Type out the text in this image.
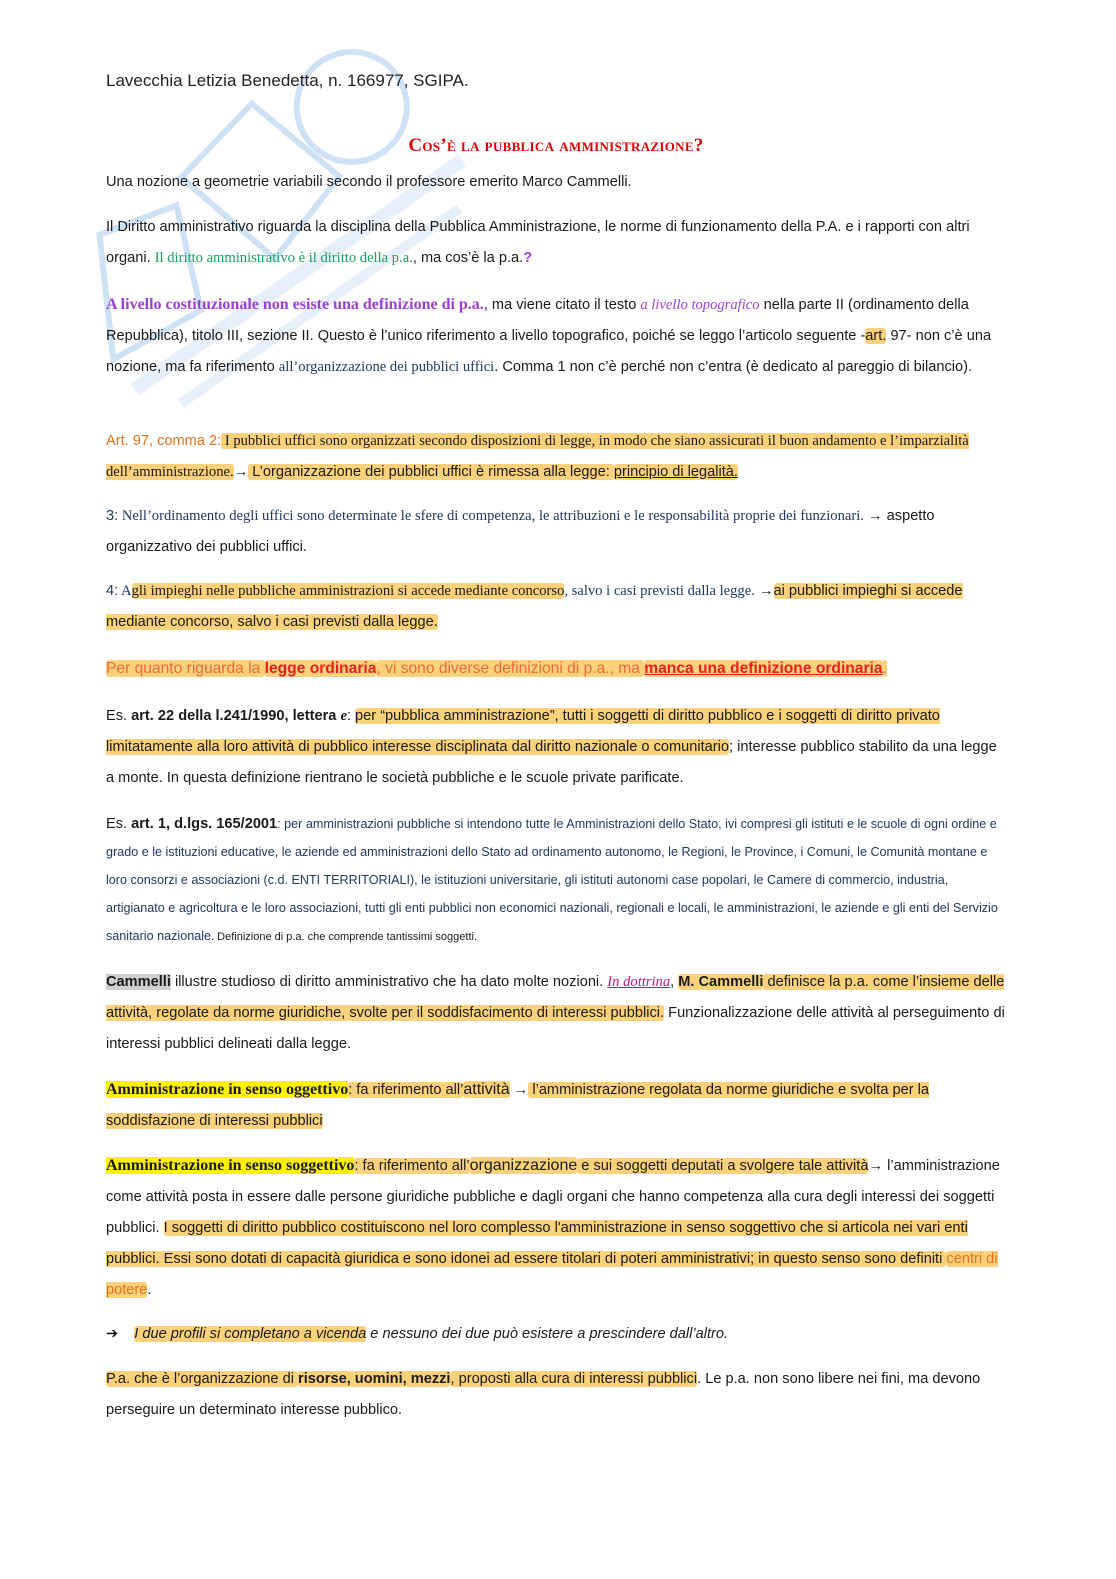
Lavecchia Letizia Benedetta, n. 166977, SGIPA.

Cos’è la pubblica amministrazione?

Una nozione a geometrie variabili secondo il professore emerito Marco Cammelli.

Il Diritto amministrativo riguarda la disciplina della Pubblica Amministrazione, le norme di funzionamento della P.A. e i rapporti con altri organi. Il diritto amministrativo è il diritto della p.a., ma cos’è la p.a.?

A livello costituzionale non esiste una definizione di p.a., ma viene citato il testo a livello topografico nella parte II (ordinamento della Repubblica), titolo III, sezione II. Questo è l’unico riferimento a livello topografico, poiché se leggo l’articolo seguente -art. 97- non c’è una nozione, ma fa riferimento all’organizzazione dei pubblici uffici. Comma 1 non c’è perché non c’entra (è dedicato al pareggio di bilancio).

Art. 97, comma 2: I pubblici uffici sono organizzati secondo disposizioni di legge, in modo che siano assicurati il buon andamento e l’imparzialità dell’amministrazione.→ L’organizzazione dei pubblici uffici è rimessa alla legge: principio di legalità.

3: Nell’ordinamento degli uffici sono determinate le sfere di competenza, le attribuzioni e le responsabilità proprie dei funzionari. → aspetto organizzativo dei pubblici uffici.

4: Agli impieghi nelle pubbliche amministrazioni si accede mediante concorso, salvo i casi previsti dalla legge. →ai pubblici impieghi si accede mediante concorso, salvo i casi previsti dalla legge.

Per quanto riguarda la legge ordinaria, vi sono diverse definizioni di p.a., ma manca una definizione ordinaria.

Es. art. 22 della l.241/1990, lettera e: per “pubblica amministrazione”, tutti i soggetti di diritto pubblico e i soggetti di diritto privato limitatamente alla loro attività di pubblico interesse disciplinata dal diritto nazionale o comunitario; interesse pubblico stabilito da una legge a monte. In questa definizione rientrano le società pubbliche e le scuole private parificate.

Es. art. 1, d.lgs. 165/2001: per amministrazioni pubbliche si intendono tutte le Amministrazioni dello Stato, ivi compresi gli istituti e le scuole di ogni ordine e grado e le istituzioni educative, le aziende ed amministrazioni dello Stato ad ordinamento autonomo, le Regioni, le Province, i Comuni, le Comunità montane e loro consorzi e associazioni (c.d. ENTI TERRITORIALI), le istituzioni universitarie, gli istituti autonomi case popolari, le Camere di commercio, industria, artigianato e agricoltura e le loro associazioni, tutti gli enti pubblici non economici nazionali, regionali e locali, le amministrazioni, le aziende e gli enti del Servizio sanitario nazionale. Definizione di p.a. che comprende tantissimi soggetti.

Cammelli illustre studioso di diritto amministrativo che ha dato molte nozioni. In dottrina, M. Cammelli definisce la p.a. come l’insieme delle attività, regolate da norme giuridiche, svolte per il soddisfacimento di interessi pubblici. Funzionalizzazione delle attività al perseguimento di interessi pubblici delineati dalla legge.

Amministrazione in senso oggettivo: fa riferimento all’attività → l’amministrazione regolata da norme giuridiche e svolta per la soddisfazione di interessi pubblici

Amministrazione in senso soggettivo: fa riferimento all’organizzazione e sui soggetti deputati a svolgere tale attività→ l’amministrazione come attività posta in essere dalle persone giuridiche pubbliche e dagli organi che hanno competenza alla cura degli interessi dei soggetti pubblici. I soggetti di diritto pubblico costituiscono nel loro complesso l'amministrazione in senso soggettivo che si articola nei vari enti pubblici. Essi sono dotati di capacità giuridica e sono idonei ad essere titolari di poteri amministrativi; in questo senso sono definiti centri di potere.

➔ I due profili si completano a vicenda e nessuno dei due può esistere a prescindere dall’altro.

P.a. che è l’organizzazione di risorse, uomini, mezzi, proposti alla cura di interessi pubblici. Le p.a. non sono libere nei fini, ma devono perseguire un determinato interesse pubblico.
